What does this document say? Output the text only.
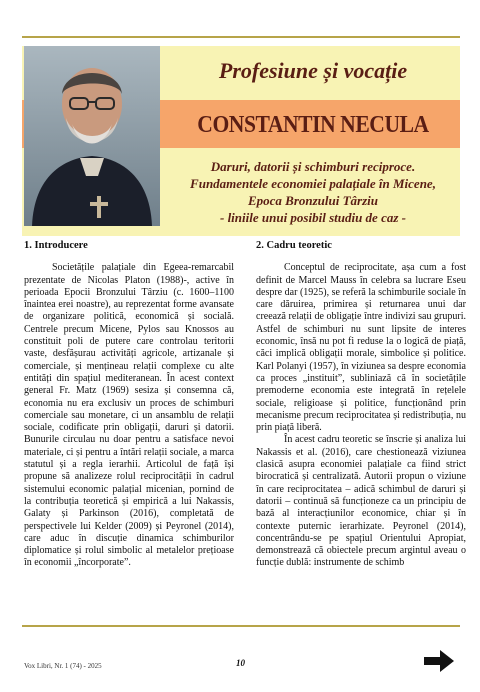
Profesiune și vocație
CONSTANTIN NECULA
Daruri, datorii și schimburi reciproce.
Fundamentele economiei palațiale în Micene,
Epoca Bronzului Târziu
- liniile unui posibil studiu de caz -
1. Introducere

Societățile palațiale din Egeea-remarcabil prezentate de Nicolas Platon (1988)-, active în perioada Epocii Bronzului Târziu (c. 1600–1100 înaintea erei noastre), au reprezentat forme avansate de organizare politică, economică și socială. Centrele precum Micene, Pylos sau Knossos au constituit poli de putere care controlau teritorii vaste, desfășurau activități agricole, artizanale și comerciale, și mențineau relații complexe cu alte entități din spațiul mediteranean. În acest context general Fr. Matz (1969) sesiza și consemna că, economia nu era exclusiv un proces de schimburi comerciale sau monetare, ci un ansamblu de relații sociale, codificate prin obligații, daruri și datorii. Bunurile circulau nu doar pentru a satisface nevoi materiale, ci și pentru a întări relații sociale, a marca statutul și a regla ierarhii. Articolul de față își propune să analizeze rolul reciprocității în cadrul sistemului economic palațial micenian, pornind de la contribuția teoretică și empirică a lui Nakassis, Galaty și Parkinson (2016), completată de perspectivele lui Kelder (2009) și Peyronel (2014), care aduc în discuție dinamica schimburilor diplomatice și rolul simbolic al metalelor prețioase în economii „încorporate”.

2. Cadru teoretic

Conceptul de reciprocitate, așa cum a fost definit de Marcel Mauss în celebra sa lucrare Eseu despre dar (1925), se referă la schimburile sociale în care dăruirea, primirea și returnarea unui dar creează relații de obligație între indivizi sau grupuri. Astfel de schimburi nu sunt lipsite de interes economic, însă nu pot fi reduse la o logică de piață, căci implică obligații morale, simbolice și politice. Karl Polanyi (1957), în viziunea sa despre economia ca proces „instituit”, subliniază că în societățile premoderne economia este integrată în rețelele sociale, religioase și politice, funcționând prin mecanisme precum reciprocitatea și redistribuția, nu prin piață liberă.

În acest cadru teoretic se înscrie și analiza lui Nakassis et al. (2016), care chestionează viziunea clasică asupra economiei palațiale ca fiind strict birocratică și centralizată. Autorii propun o viziune în care reciprocitatea – adică schimbul de daruri și datorii – continuă să funcționeze ca un principiu de bază al interacțiunilor economice, chiar și în contexte puternic ierarhizate. Peyronel (2014), concentrându-se pe spațiul Orientului Apropiat, demonstrează că obiectele precum argintul aveau o funcție dublă: instrumente de schimb

Vox Libri, Nr. 1 (74) - 2025	10
